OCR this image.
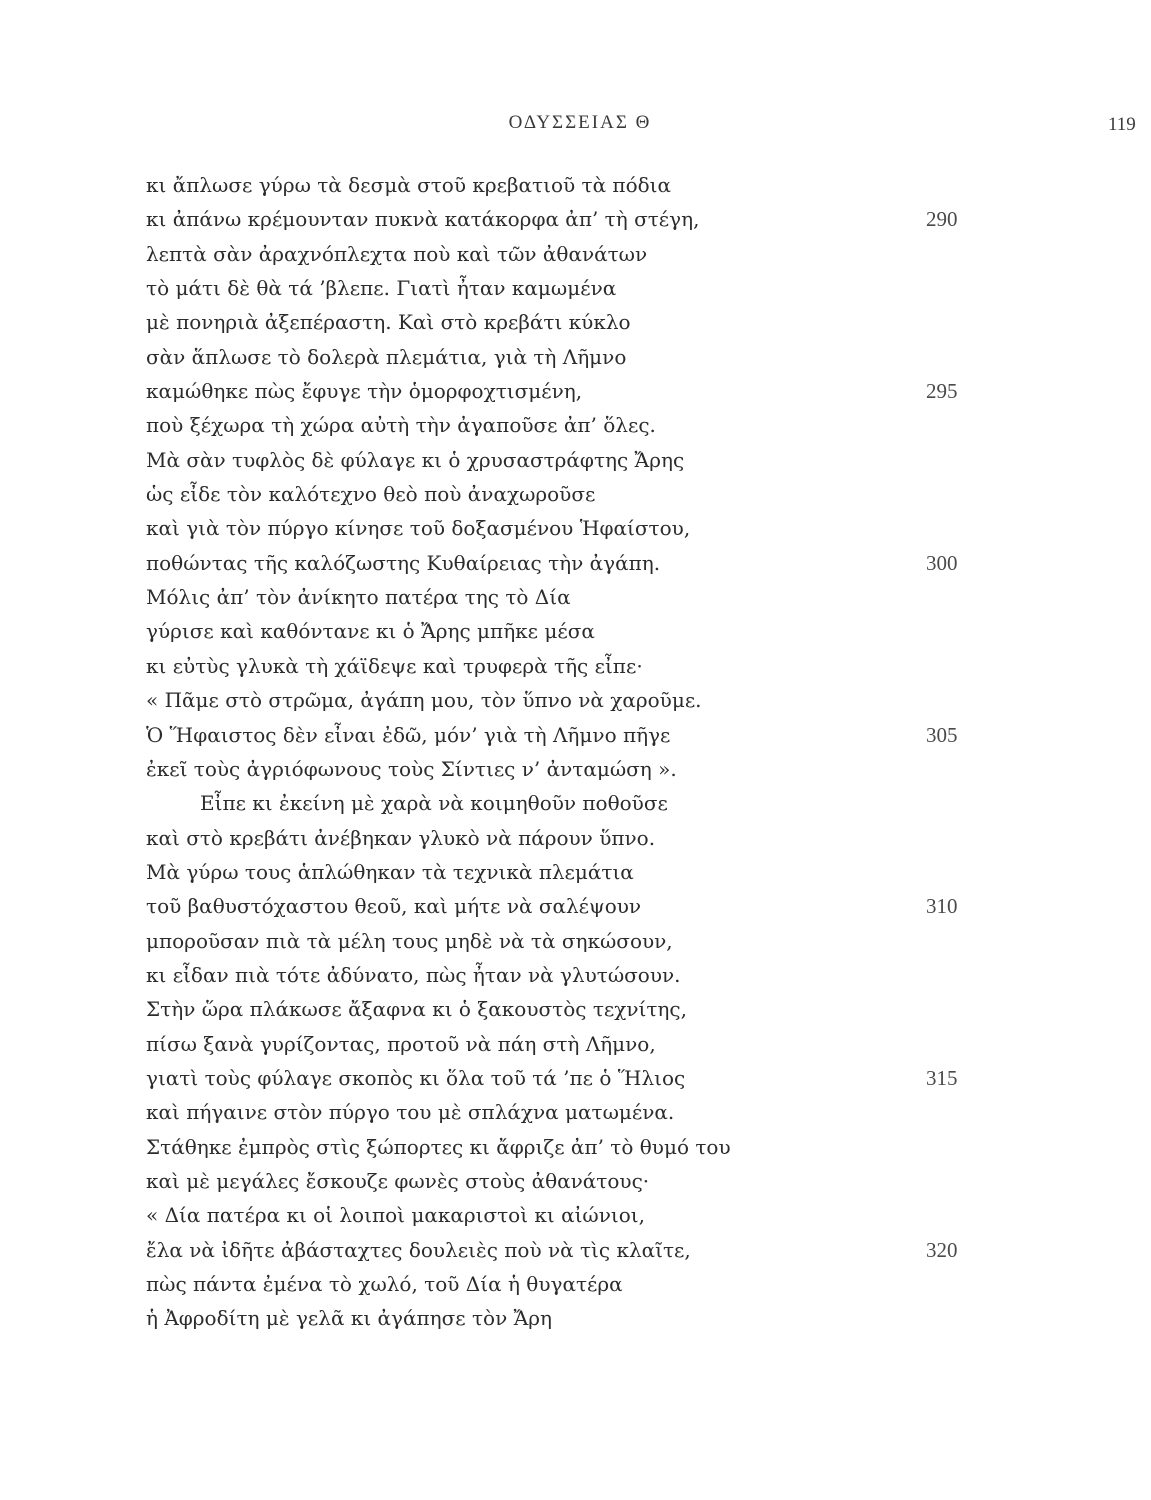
ΟΔΥΣΣΕΙΑΣ Θ	119
κι ἄπλωσε γύρω τὰ δεσμὰ στοῦ κρεβατιοῦ τὰ πόδια
κι ἀπάνω κρέμουνταν πυκνὰ κατάκορφα ἀπ’ τὴ στέγη,	290
λεπτὰ σὰν ἀραχνόπλεχτα ποὺ καὶ τῶν ἀθανάτων
τὸ μάτι δὲ θὰ τά ’βλεπε. Γιατὶ ἦταν καμωμένα
μὲ πονηριὰ ἀξεπέραστη. Καὶ στὸ κρεβάτι κύκλο
σὰν ἅπλωσε τὸ δολερὰ πλεμάτια, γιὰ τὴ Λῆμνο
καμώθηκε πὼς ἔφυγε τὴν ὁμορφοχτισμένη,	295
ποὺ ξέχωρα τὴ χώρα αὐτὴ τὴν ἀγαποῦσε ἀπ’ ὅλες.
Μὰ σὰν τυφλὸς δὲ φύλαγε κι ὁ χρυσαστράφτης Ἄρης
ὡς εἶδε τὸν καλότεχνο θεὸ ποὺ ἀναχωροῦσε
καὶ γιὰ τὸν πύργο κίνησε τοῦ δοξασμένου Ἡφαίστου,
ποθώντας τῆς καλόζωστης Κυθαίρειας τὴν ἀγάπη.	300
Μόλις ἀπ’ τὸν ἀνίκητο πατέρα της τὸ Δία
γύρισε καὶ καθόντανε κι ὁ Ἄρης μπῆκε μέσα
κι εὐτὺς γλυκὰ τὴ χάϊδεψε καὶ τρυφερὰ τῆς εἶπε·
« Πᾶμε στὸ στρῶμα, ἀγάπη μου, τὸν ὕπνο νὰ χαροῦμε.
Ὁ Ἥφαιστος δὲν εἶναι ἐδῶ, μόν’ γιὰ τὴ Λῆμνο πῆγε	305
ἐκεῖ τοὺς ἀγριόφωνους τοὺς Σίντιες ν’ ἀνταμώση ».
Εἶπε κι ἐκείνη μὲ χαρὰ νὰ κοιμηθοῦν ποθοῦσε
καὶ στὸ κρεβάτι ἀνέβηκαν γλυκὸ νὰ πάρουν ὕπνο.
Μὰ γύρω τους ἁπλώθηκαν τὰ τεχνικὰ πλεμάτια
τοῦ βαθυστόχαστου θεοῦ, καὶ μήτε νὰ σαλέψουν	310
μποροῦσαν πιὰ τὰ μέλη τους μηδὲ νὰ τὰ σηκώσουν,
κι εἶδαν πιὰ τότε ἀδύνατο, πὼς ἦταν νὰ γλυτώσουν.
Στὴν ὥρα πλάκωσε ἄξαφνα κι ὁ ξακουστὸς τεχνίτης,
πίσω ξανὰ γυρίζοντας, προτοῦ νὰ πάη στὴ Λῆμνο,
γιατὶ τοὺς φύλαγε σκοπὸς κι ὅλα τοῦ τά ’πε ὁ Ἥλιος	315
καὶ πήγαινε στὸν πύργο του μὲ σπλάχνα ματωμένα.
Στάθηκε ἐμπρὸς στὶς ξώπορτες κι ἄφριζε ἀπ’ τὸ θυμό του
καὶ μὲ μεγάλες ἔσκουζε φωνὲς στοὺς ἀθανάτους·
« Δία πατέρα κι οἱ λοιποὶ μακαριστοὶ κι αἰώνιοι,
ἔλα νὰ ἰδῆτε ἀβάσταχτες δουλειὲς ποὺ νὰ τὶς κλαῖτε,	320
πὼς πάντα ἐμένα τὸ χωλό, τοῦ Δία ἡ θυγατέρα
ἡ Ἀφροδίτη μὲ γελᾶ κι ἀγάπησε τὸν Ἄρη
